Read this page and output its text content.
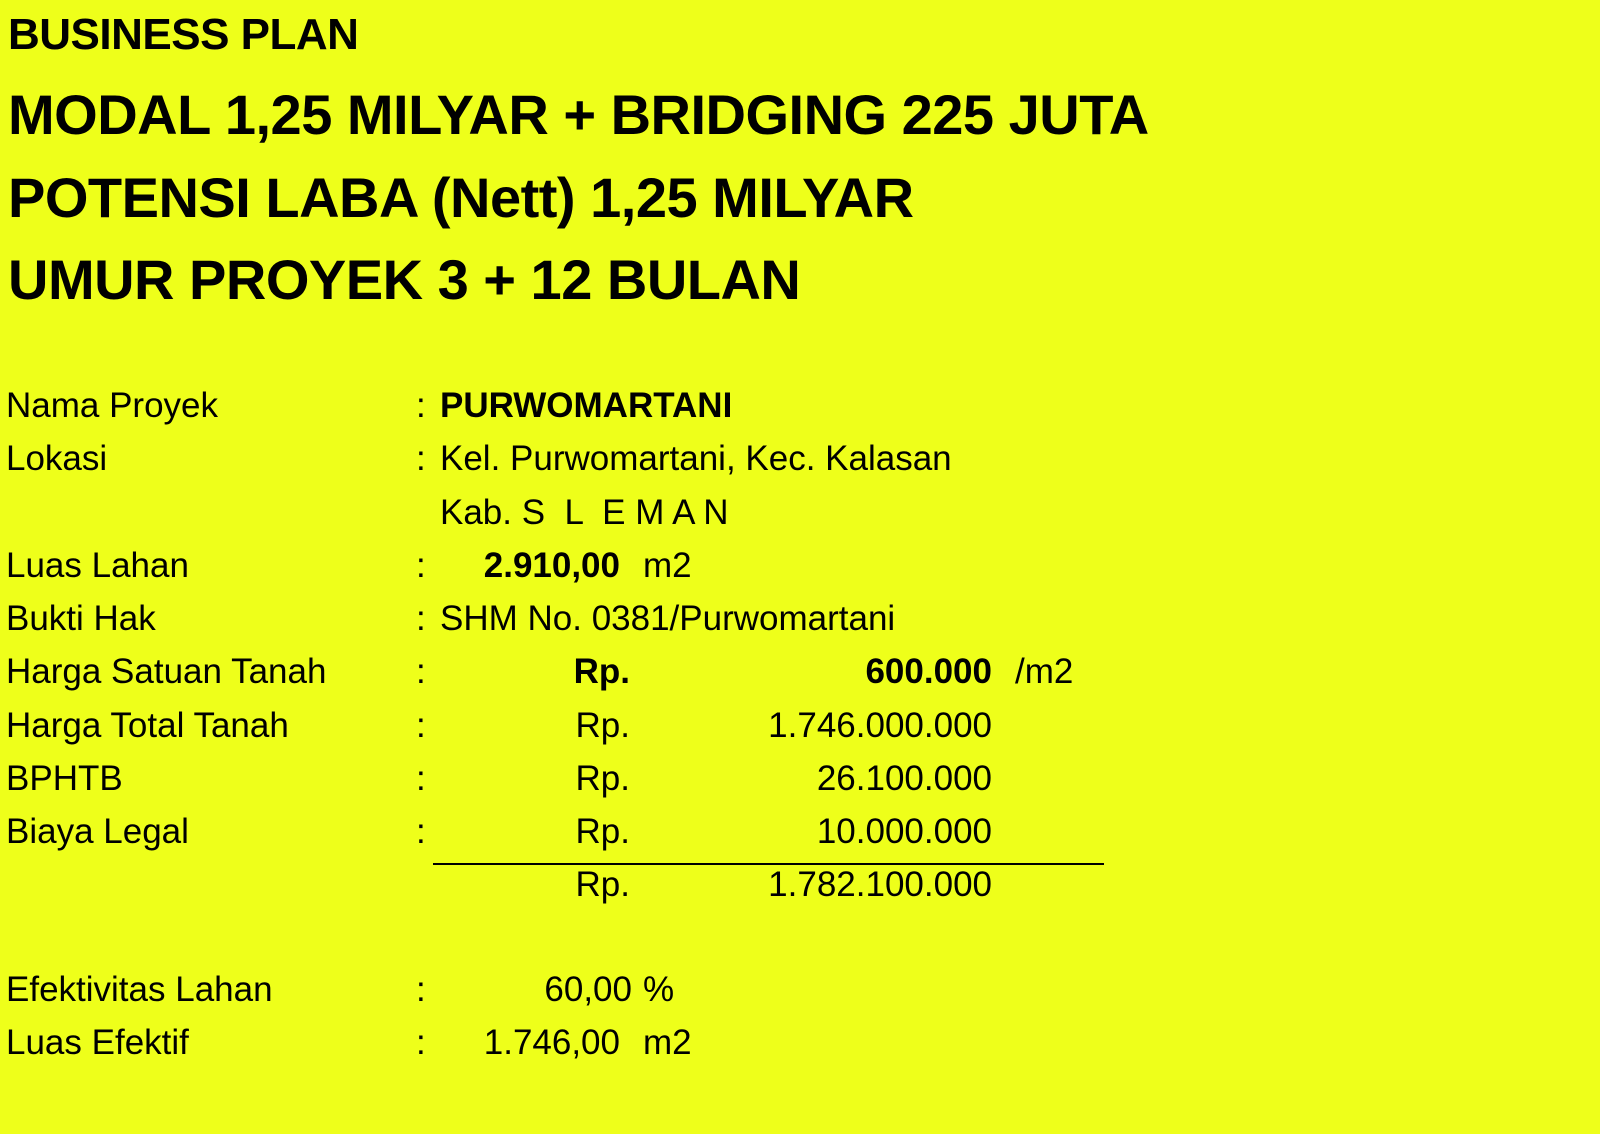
BUSINESS PLAN
MODAL 1,25 MILYAR + BRIDGING 225 JUTA
POTENSI LABA (Nett) 1,25 MILYAR
UMUR PROYEK 3 + 12 BULAN
Nama Proyek	: PURWOMARTANI
Lokasi	: Kel. Purwomartani, Kec. Kalasan
Kab. S  L  E M A N
Luas Lahan	:	2.910,00 m2
Bukti Hak	: SHM No. 0381/Purwomartani
Harga Satuan Tanah	:	Rp.	600.000 /m2
Harga Total Tanah	:	Rp.	1.746.000.000
BPHTB	:	Rp.	26.100.000
Biaya Legal	:	Rp.	10.000.000
Rp.	1.782.100.000
Efektivitas Lahan	:	60,00 %
Luas Efektif	:	1.746,00 m2
